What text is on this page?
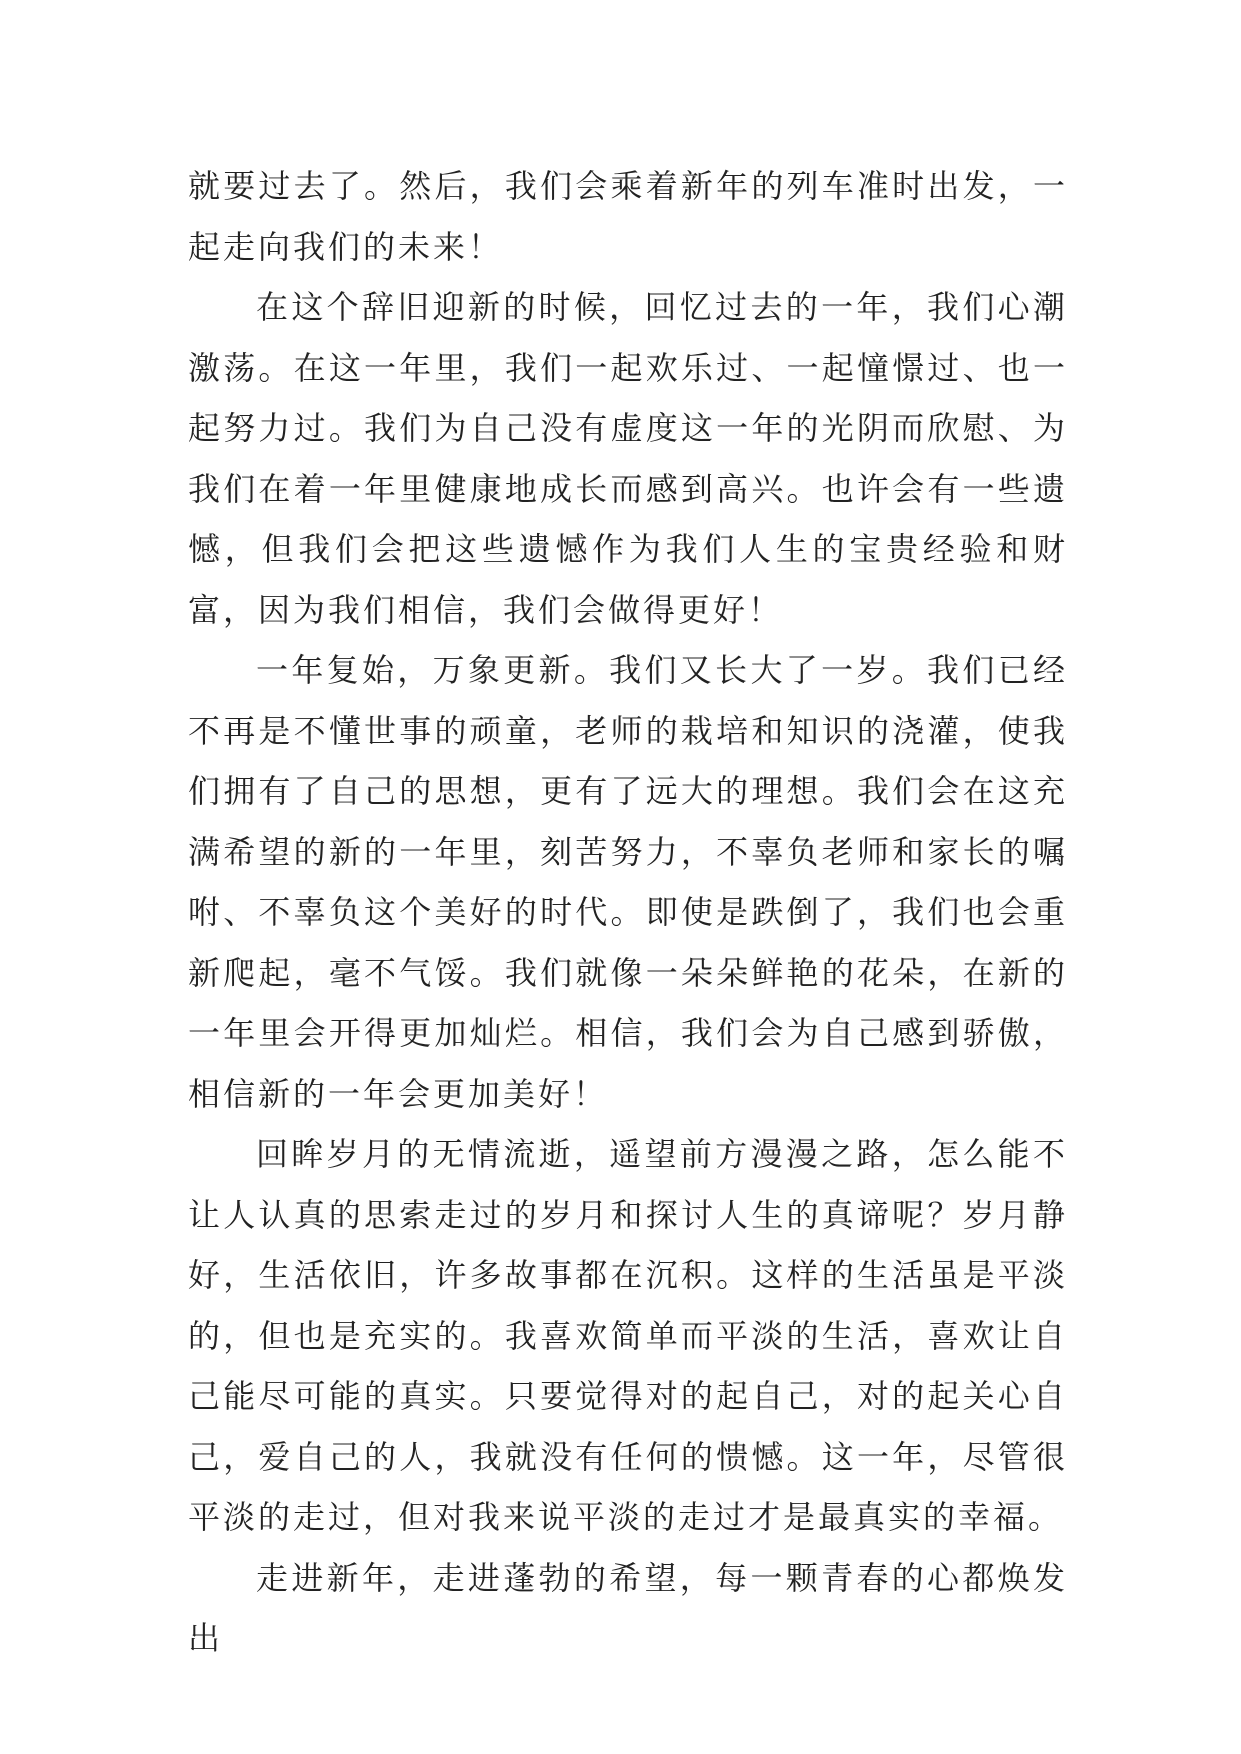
就要过去了。然后，我们会乘着新年的列车准时出发，一起走向我们的未来！

在这个辞旧迎新的时候，回忆过去的一年，我们心潮激荡。在这一年里，我们一起欢乐过、一起憧憬过、也一起努力过。我们为自己没有虚度这一年的光阴而欣慰、为我们在着一年里健康地成长而感到高兴。也许会有一些遗憾，但我们会把这些遗憾作为我们人生的宝贵经验和财富，因为我们相信，我们会做得更好！

一年复始，万象更新。我们又长大了一岁。我们已经不再是不懂世事的顽童，老师的栽培和知识的浇灌，使我们拥有了自己的思想，更有了远大的理想。我们会在这充满希望的新的一年里，刻苦努力，不辜负老师和家长的嘱咐、不辜负这个美好的时代。即使是跌倒了，我们也会重新爬起，毫不气馁。我们就像一朵朵鲜艳的花朵，在新的一年里会开得更加灿烂。相信，我们会为自己感到骄傲，相信新的一年会更加美好！

回眸岁月的无情流逝，遥望前方漫漫之路，怎么能不让人认真的思索走过的岁月和探讨人生的真谛呢？岁月静好，生活依旧，许多故事都在沉积。这样的生活虽是平淡的，但也是充实的。我喜欢简单而平淡的生活，喜欢让自己能尽可能的真实。只要觉得对的起自己，对的起关心自己，爱自己的人，我就没有任何的愦憾。这一年，尽管很平淡的走过，但对我来说平淡的走过才是最真实的幸福。

走进新年，走进蓬勃的希望，每一颗青春的心都焕发出
